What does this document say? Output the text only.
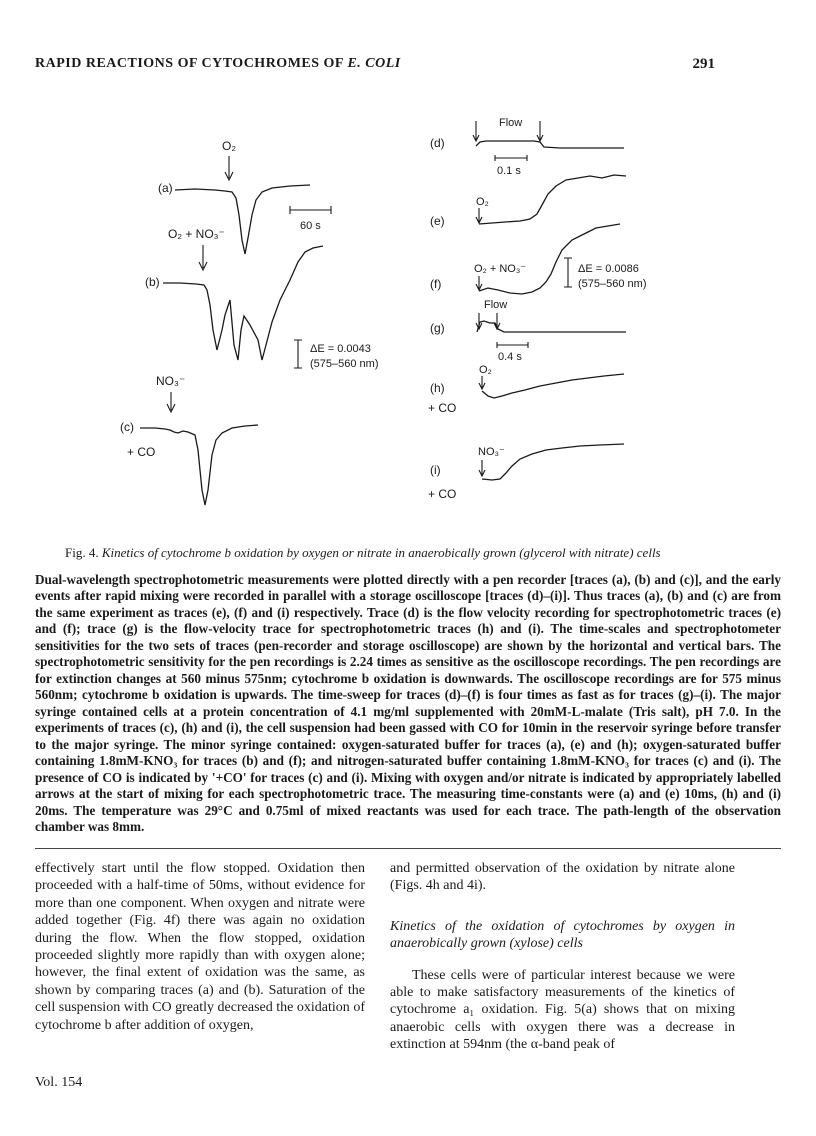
RAPID REACTIONS OF CYTOCHROMES OF E. COLI	291
(a)
O₂
60 s
O₂ + NO₃⁻
(b)
ΔE = 0.0043
(575–560 nm)
NO₃⁻
(c)
+ CO
Flow
(d)
0.1 s
O₂
(e)
O₂ + NO₃⁻
(f)
ΔE = 0.0086
(575–560 nm)
Flow
(g)
0.4 s
O₂
(h)
+ CO
NO₃⁻
(i)
+ CO
Fig. 4. Kinetics of cytochrome b oxidation by oxygen or nitrate in anaerobically grown (glycerol with nitrate) cells
Dual-wavelength spectrophotometric measurements were plotted directly with a pen recorder [traces (a), (b) and (c)], and the early events after rapid mixing were recorded in parallel with a storage oscilloscope [traces (d)–(i)]. Thus traces (a), (b) and (c) are from the same experiment as traces (e), (f) and (i) respectively. Trace (d) is the flow velocity recording for spectrophotometric traces (e) and (f); trace (g) is the flow-velocity trace for spectrophotometric traces (h) and (i). The time-scales and spectrophotometer sensitivities for the two sets of traces (pen-recorder and storage oscilloscope) are shown by the horizontal and vertical bars. The spectrophotometric sensitivity for the pen recordings is 2.24 times as sensitive as the oscilloscope recordings. The pen recordings are for extinction changes at 560 minus 575nm; cytochrome b oxidation is downwards. The oscilloscope recordings are for 575 minus 560nm; cytochrome b oxidation is upwards. The time-sweep for traces (d)–(f) is four times as fast as for traces (g)–(i). The major syringe contained cells at a protein concentration of 4.1 mg/ml supplemented with 20mM-L-malate (Tris salt), pH 7.0. In the experiments of traces (c), (h) and (i), the cell suspension had been gassed with CO for 10min in the reservoir syringe before transfer to the major syringe. The minor syringe contained: oxygen-saturated buffer for traces (a), (e) and (h); oxygen-saturated buffer containing 1.8mM-KNO₃ for traces (b) and (f); and nitrogen-saturated buffer containing 1.8mM-KNO₃ for traces (c) and (i). The presence of CO is indicated by '+CO' for traces (c) and (i). Mixing with oxygen and/or nitrate is indicated by appropriately labelled arrows at the start of mixing for each spectrophotometric trace. The measuring time-constants were (a) and (e) 10ms, (h) and (i) 20ms. The temperature was 29°C and 0.75ml of mixed reactants was used for each trace. The path-length of the observation chamber was 8mm.
effectively start until the flow stopped. Oxidation then proceeded with a half-time of 50ms, without evidence for more than one component. When oxygen and nitrate were added together (Fig. 4f) there was again no oxidation during the flow. When the flow stopped, oxidation proceeded slightly more rapidly than with oxygen alone; however, the final extent of oxidation was the same, as shown by comparing traces (a) and (b). Saturation of the cell suspension with CO greatly decreased the oxidation of cytochrome b after addition of oxygen,
and permitted observation of the oxidation by nitrate alone (Figs. 4h and 4i).
Kinetics of the oxidation of cytochromes by oxygen in anaerobically grown (xylose) cells
These cells were of particular interest because we were able to make satisfactory measurements of the kinetics of cytochrome a₁ oxidation. Fig. 5(a) shows that on mixing anaerobic cells with oxygen there was a decrease in extinction at 594nm (the α-band peak of
Vol. 154
